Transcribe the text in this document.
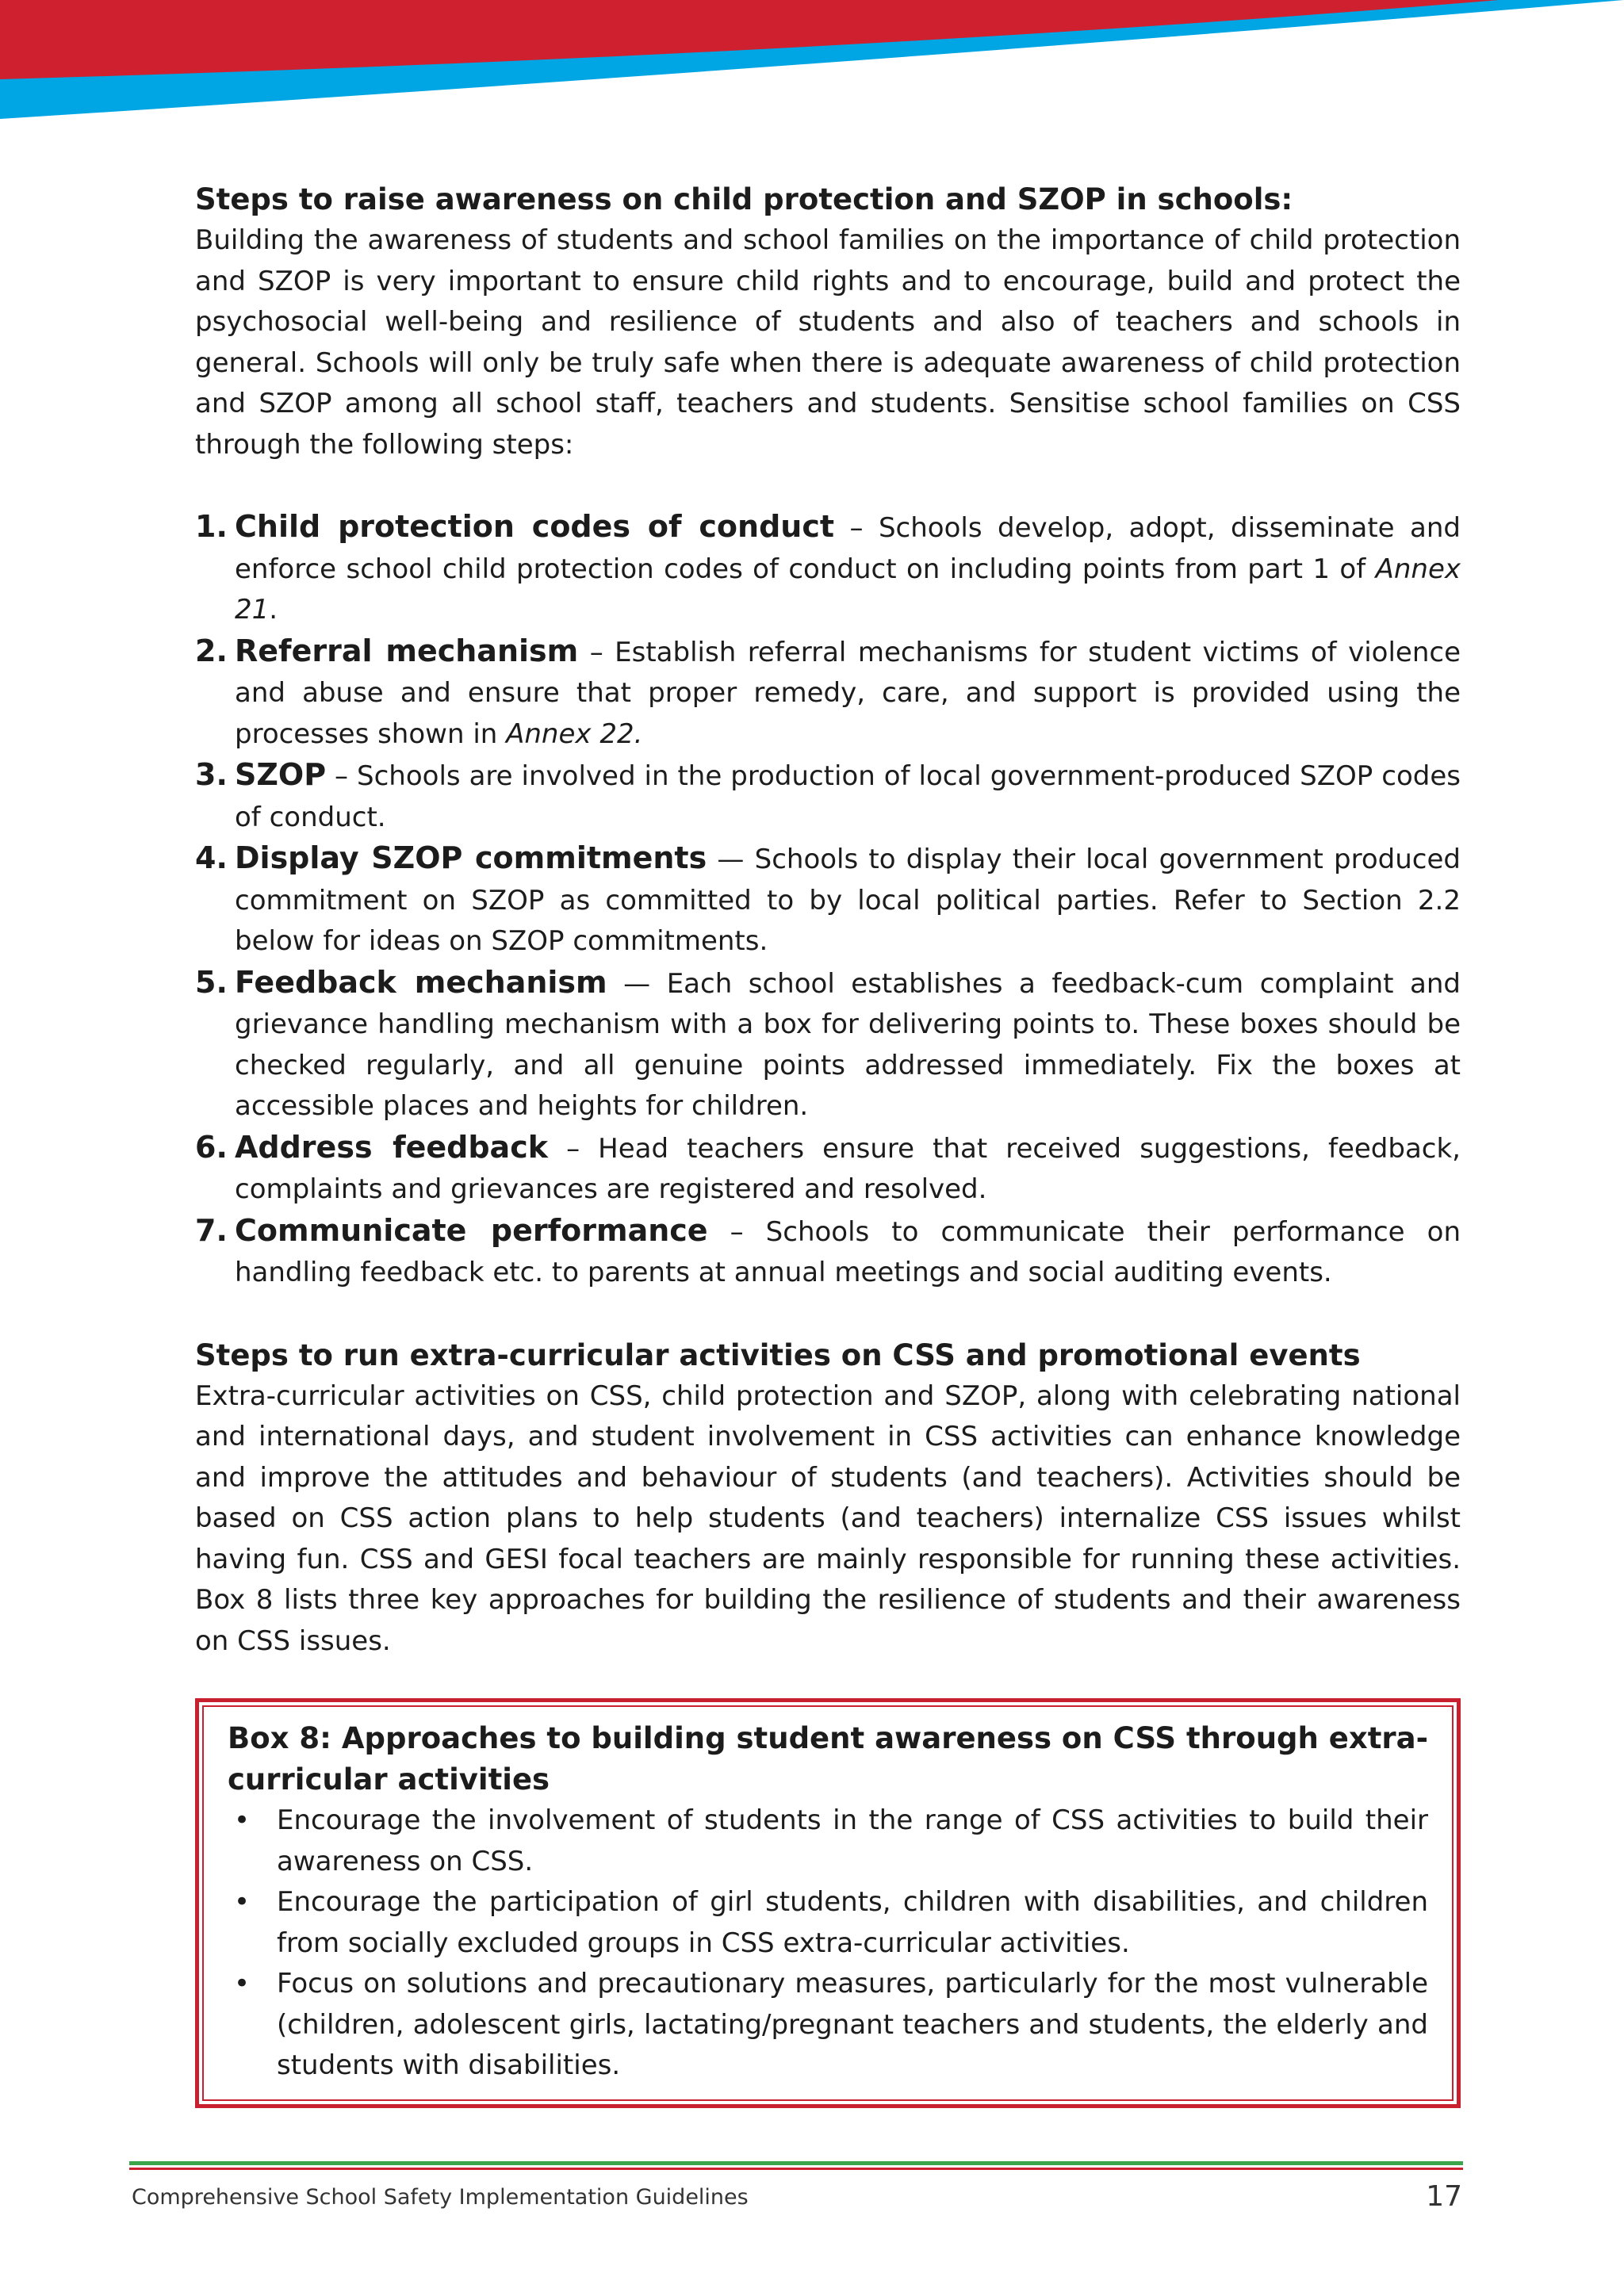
Steps to raise awareness on child protection and SZOP in schools:

Building the awareness of students and school families on the importance of child protection and SZOP is very important to ensure child rights and to encourage, build and protect the psychosocial well-being and resilience of students and also of teachers and schools in general. Schools will only be truly safe when there is adequate awareness of child protection and SZOP among all school staff, teachers and students. Sensitise school families on CSS through the following steps:

1. Child protection codes of conduct – Schools develop, adopt, disseminate and enforce school child protection codes of conduct on including points from part 1 of Annex 21.
2. Referral mechanism – Establish referral mechanisms for student victims of violence and abuse and ensure that proper remedy, care, and support is provided using the processes shown in Annex 22.
3. SZOP – Schools are involved in the production of local government-produced SZOP codes of conduct.
4. Display SZOP commitments — Schools to display their local government produced commitment on SZOP as committed to by local political parties. Refer to Section 2.2 below for ideas on SZOP commitments.
5. Feedback mechanism — Each school establishes a feedback-cum complaint and grievance handling mechanism with a box for delivering points to. These boxes should be checked regularly, and all genuine points addressed immediately. Fix the boxes at accessible places and heights for children.
6. Address feedback – Head teachers ensure that received suggestions, feedback, complaints and grievances are registered and resolved.
7. Communicate performance – Schools to communicate their performance on handling feedback etc. to parents at annual meetings and social auditing events.
Steps to run extra-curricular activities on CSS and promotional events

Extra-curricular activities on CSS, child protection and SZOP, along with celebrating national and international days, and student involvement in CSS activities can enhance knowledge and improve the attitudes and behaviour of students (and teachers). Activities should be based on CSS action plans to help students (and teachers) internalize CSS issues whilst having fun. CSS and GESI focal teachers are mainly responsible for running these activities. Box 8 lists three key approaches for building the resilience of students and their awareness on CSS issues.

Box 8: Approaches to building student awareness on CSS through extra-curricular activities

• Encourage the involvement of students in the range of CSS activities to build their awareness on CSS.
• Encourage the participation of girl students, children with disabilities, and children from socially excluded groups in CSS extra-curricular activities.
• Focus on solutions and precautionary measures, particularly for the most vulnerable (children, adolescent girls, lactating/pregnant teachers and students, the elderly and students with disabilities.
Comprehensive School Safety Implementation Guidelines	17
